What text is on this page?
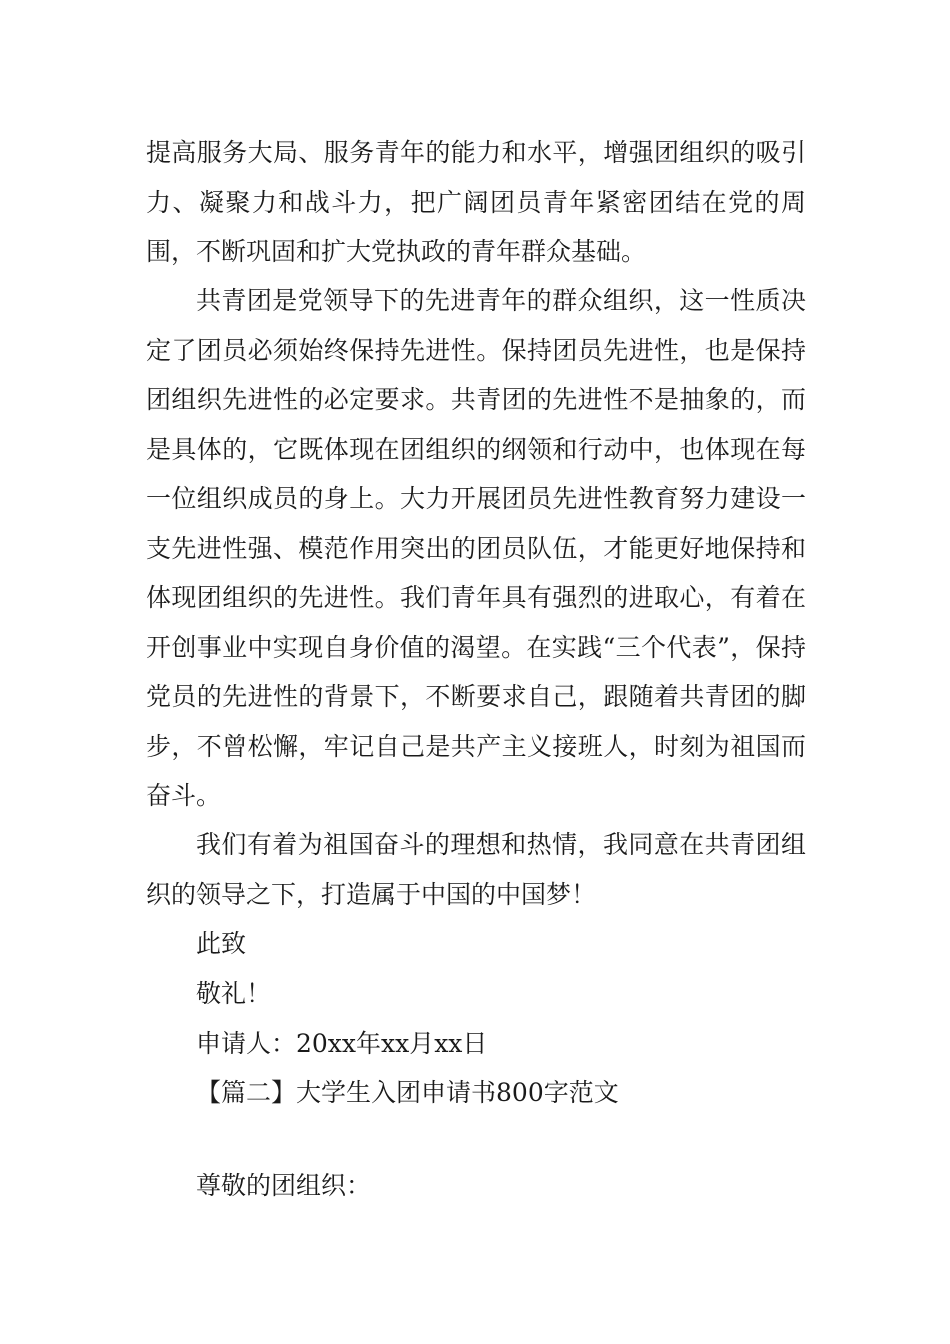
提高服务大局、服务青年的能力和水平，增强团组织的吸引力、凝聚力和战斗力，把广阔团员青年紧密团结在党的周围，不断巩固和扩大党执政的青年群众基础。

共青团是党领导下的先进青年的群众组织，这一性质决定了团员必须始终保持先进性。保持团员先进性，也是保持团组织先进性的必定要求。共青团的先进性不是抽象的，而是具体的，它既体现在团组织的纲领和行动中，也体现在每一位组织成员的身上。大力开展团员先进性教育努力建设一支先进性强、模范作用突出的团员队伍，才能更好地保持和体现团组织的先进性。我们青年具有强烈的进取心，有着在开创事业中实现自身价值的渴望。在实践“三个代表”，保持党员的先进性的背景下，不断要求自己，跟随着共青团的脚步，不曾松懈，牢记自己是共产主义接班人，时刻为祖国而奋斗。

我们有着为祖国奋斗的理想和热情，我同意在共青团组织的领导之下，打造属于中国的中国梦！

此致

敬礼！

申请人：20xx年xx月xx日

【篇二】大学生入团申请书800字范文

尊敬的团组织：
